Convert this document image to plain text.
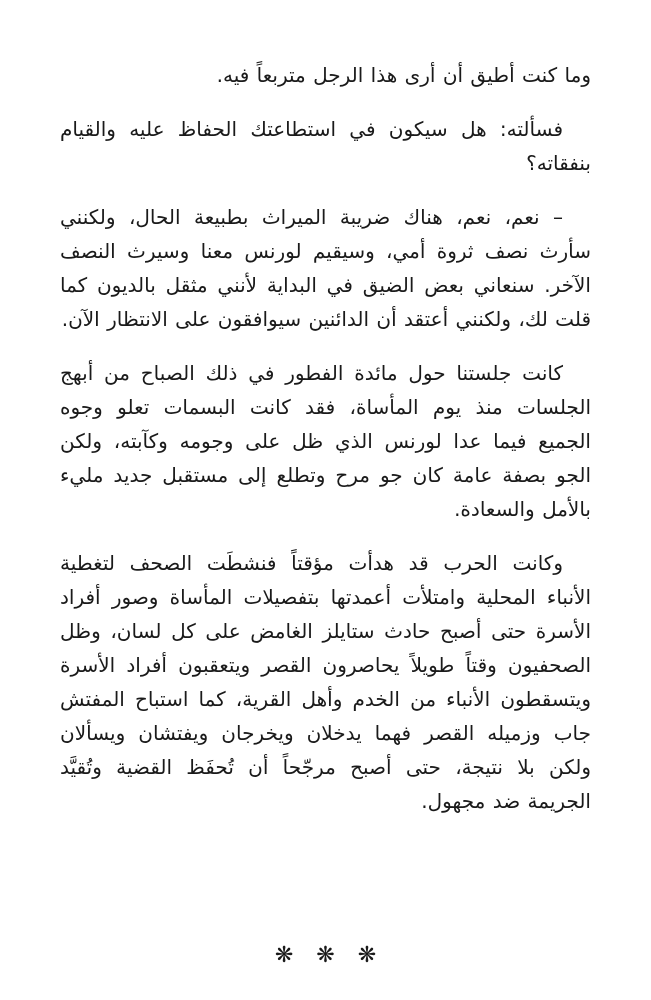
وما كنت أطيق أن أرى هذا الرجل متربعاً فيه.

فسألته: هل سيكون في استطاعتك الحفاظ عليه والقيام بنفقاته؟

– نعم، نعم، هناك ضريبة الميراث بطبيعة الحال، ولكنني سأرث نصف ثروة أمي، وسيقيم لورنس معنا وسيرث النصف الآخر. سنعاني بعض الضيق في البداية لأنني مثقل بالديون كما قلت لك، ولكنني أعتقد أن الدائنين سيوافقون على الانتظار الآن.

كانت جلستنا حول مائدة الفطور في ذلك الصباح من أبهج الجلسات منذ يوم المأساة، فقد كانت البسمات تعلو وجوه الجميع فيما عدا لورنس الذي ظل على وجومه وكآبته، ولكن الجو بصفة عامة كان جو مرح وتطلع إلى مستقبل جديد مليء بالأمل والسعادة.

وكانت الحرب قد هدأت مؤقتاً فنشطَت الصحف لتغطية الأنباء المحلية وامتلأت أعمدتها بتفصيلات المأساة وصور أفراد الأسرة حتى أصبح حادث ستايلز الغامض على كل لسان، وظل الصحفيون وقتاً طويلاً يحاصرون القصر ويتعقبون أفراد الأسرة ويتسقطون الأنباء من الخدم وأهل القرية، كما استباح المفتش جاب وزميله القصر فهما يدخلان ويخرجان ويفتشان ويسألان ولكن بلا نتيجة، حتى أصبح مرجّحاً أن تُحفَظ القضية وتُقيَّد الجريمة ضد مجهول.

❋ ❋ ❋
